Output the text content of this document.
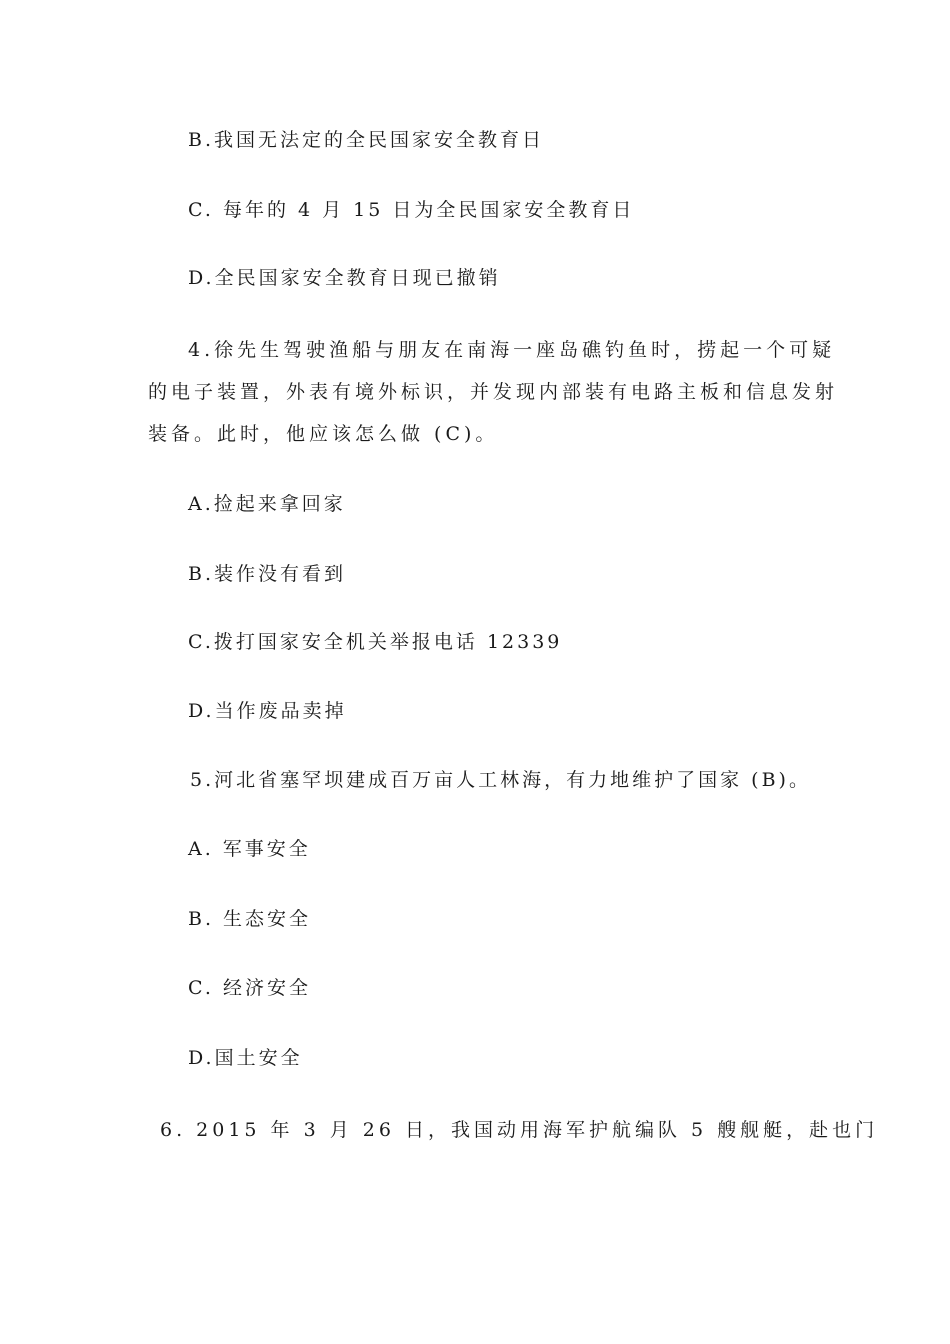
B.我国无法定的全民国家安全教育日
C. 每年的 4 月 15 日为全民国家安全教育日
D.全民国家安全教育日现已撤销
4.徐先生驾驶渔船与朋友在南海一座岛礁钓鱼时，捞起一个可疑
的电子装置，外表有境外标识，并发现内部装有电路主板和信息发射
装备。此时，他应该怎么做 (C)。
A.捡起来拿回家
B.装作没有看到
C.拨打国家安全机关举报电话 12339
D.当作废品卖掉
5.河北省塞罕坝建成百万亩人工林海，有力地维护了国家 (B)。
A. 军事安全
B. 生态安全
C. 经济安全
D.国土安全
6. 2015 年 3 月 26 日，我国动用海军护航编队 5 艘舰艇，赴也门
